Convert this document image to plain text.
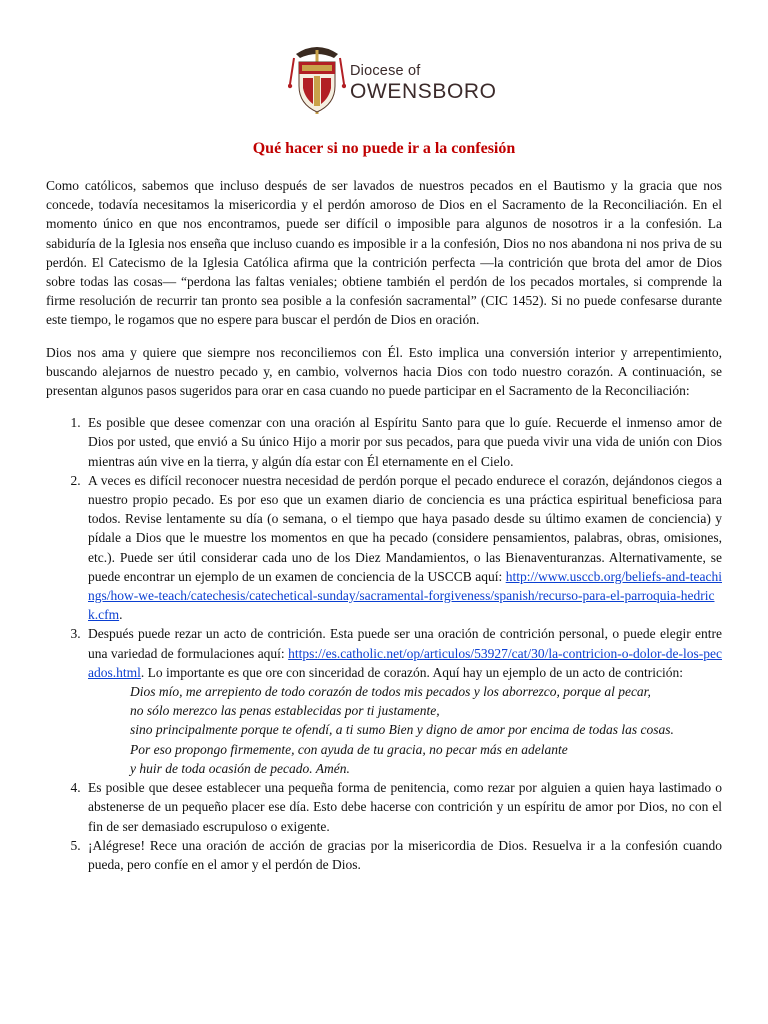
Diocese of
OWENSBORO
Qué hacer si no puede ir a la confesión

Como católicos, sabemos que incluso después de ser lavados de nuestros pecados en el Bautismo y la gracia que nos concede, todavía necesitamos la misericordia y el perdón amoroso de Dios en el Sacramento de la Reconciliación. En el momento único en que nos encontramos, puede ser difícil o imposible para algunos de nosotros ir a la confesión. La sabiduría de la Iglesia nos enseña que incluso cuando es imposible ir a la confesión, Dios no nos abandona ni nos priva de su perdón. El Catecismo de la Iglesia Católica afirma que la contrición perfecta —la contrición que brota del amor de Dios sobre todas las cosas— “perdona las faltas veniales; obtiene también el perdón de los pecados mortales, si comprende la firme resolución de recurrir tan pronto sea posible a la confesión sacramental” (CIC 1452). Si no puede confesarse durante este tiempo, le rogamos que no espere para buscar el perdón de Dios en oración.

Dios nos ama y quiere que siempre nos reconciliemos con Él. Esto implica una conversión interior y arrepentimiento, buscando alejarnos de nuestro pecado y, en cambio, volvernos hacia Dios con todo nuestro corazón. A continuación, se presentan algunos pasos sugeridos para orar en casa cuando no puede participar en el Sacramento de la Reconciliación:

1. Es posible que desee comenzar con una oración al Espíritu Santo para que lo guíe. Recuerde el inmenso amor de Dios por usted, que envió a Su único Hijo a morir por sus pecados, para que pueda vivir una vida de unión con Dios mientras aún vive en la tierra, y algún día estar con Él eternamente en el Cielo.
2. A veces es difícil reconocer nuestra necesidad de perdón porque el pecado endurece el corazón, dejándonos ciegos a nuestro propio pecado. Es por eso que un examen diario de conciencia es una práctica espiritual beneficiosa para todos. Revise lentamente su día (o semana, o el tiempo que haya pasado desde su último examen de conciencia) y pídale a Dios que le muestre los momentos en que ha pecado (considere pensamientos, palabras, obras, omisiones, etc.). Puede ser útil considerar cada uno de los Diez Mandamientos, o las Bienaventuranzas. Alternativamente, se puede encontrar un ejemplo de un examen de conciencia de la USCCB aquí: http://www.usccb.org/beliefs-and-teachings/how-we-teach/catechesis/catechetical-sunday/sacramental-forgiveness/spanish/recurso-para-el-parroquia-hedrick.cfm.
3. Después puede rezar un acto de contrición. Esta puede ser una oración de contrición personal, o puede elegir entre una variedad de formulaciones aquí: https://es.catholic.net/op/articulos/53927/cat/30/la-contricion-o-dolor-de-los-pecados.html. Lo importante es que ore con sinceridad de corazón. Aquí hay un ejemplo de un acto de contrición:
Dios mío, me arrepiento de todo corazón de todos mis pecados y los aborrezco, porque al pecar,
no sólo merezco las penas establecidas por ti justamente,
sino principalmente porque te ofendí, a ti sumo Bien y digno de amor por encima de todas las cosas.
Por eso propongo firmemente, con ayuda de tu gracia, no pecar más en adelante
y huir de toda ocasión de pecado. Amén.
4. Es posible que desee establecer una pequeña forma de penitencia, como rezar por alguien a quien haya lastimado o abstenerse de un pequeño placer ese día. Esto debe hacerse con contrición y un espíritu de amor por Dios, no con el fin de ser demasiado escrupuloso o exigente.
5. ¡Alégrese! Rece una oración de acción de gracias por la misericordia de Dios. Resuelva ir a la confesión cuando pueda, pero confíe en el amor y el perdón de Dios.
